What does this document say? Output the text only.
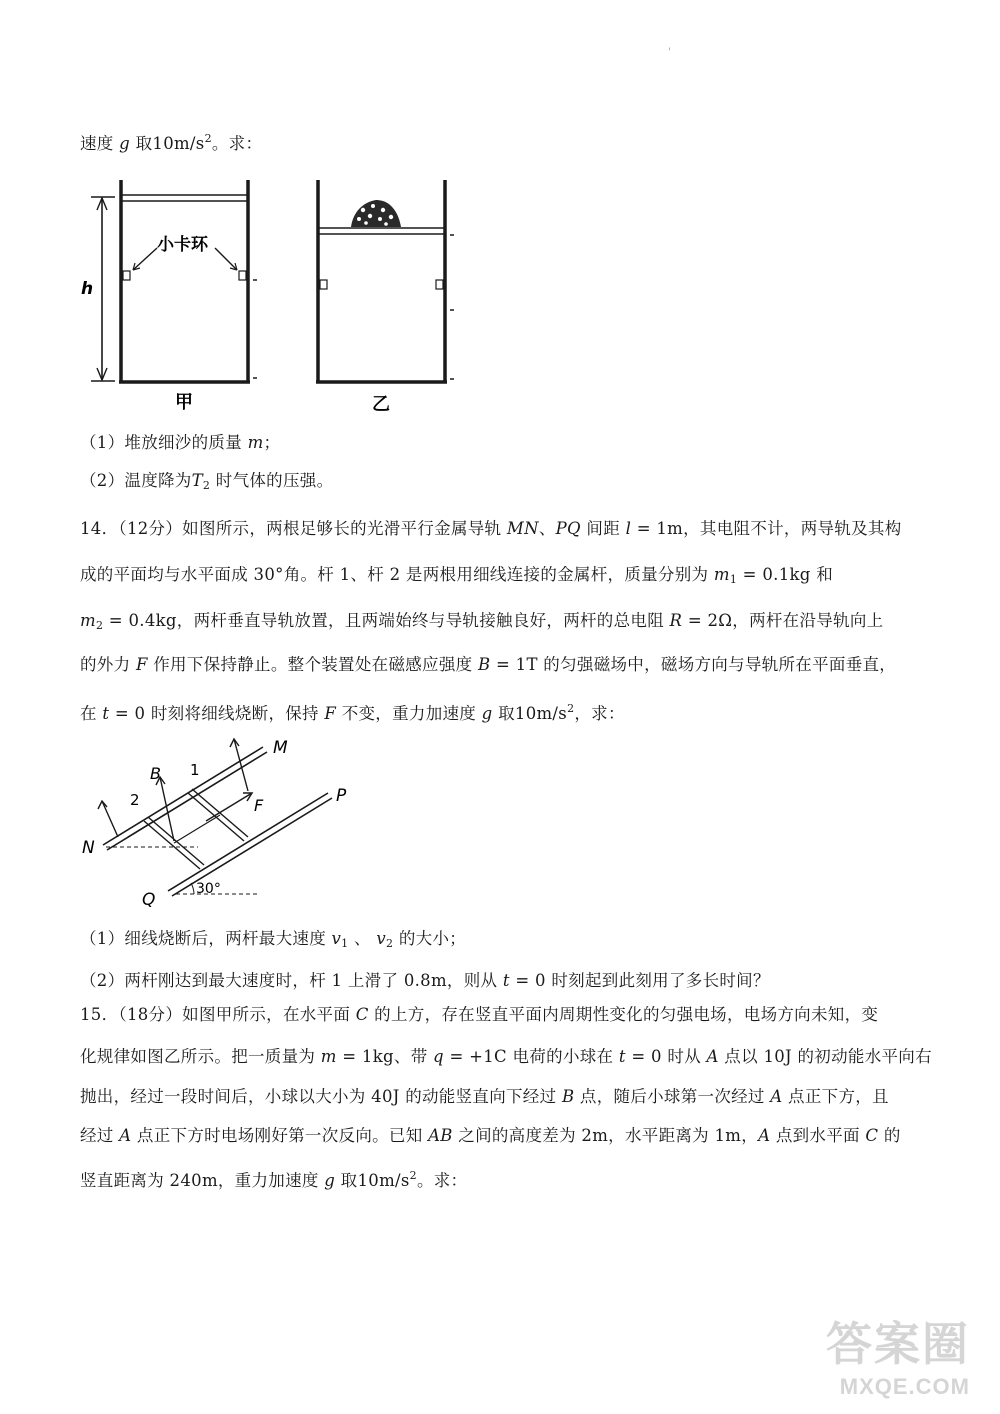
'
速度 g 取$10m/s^2$。求：
h
小卡环
甲	乙
（1）堆放细沙的质量 m；
（2）温度降为$T_2$ 时气体的压强。
14．（12分）如图所示，两根足够长的光滑平行金属导轨 MN、PQ 间距 l = 1m，其电阻不计，两导轨及其构
成的平面均与水平面成 30°角。杆 1、杆 2 是两根用细线连接的金属杆，质量分别为 $m_1 = 0.1kg$ 和
$m_2 = 0.4kg$，两杆垂直导轨放置，且两端始终与导轨接触良好，两杆的总电阻 R = 2Ω，两杆在沿导轨向上
的外力 F 作用下保持静止。整个装置处在磁感应强度 B = 1T 的匀强磁场中，磁场方向与导轨所在平面垂直，
在 t = 0 时刻将细线烧断，保持 F 不变，重力加速度 g 取$10m/s^2$，求：
M
P
N
Q
B
F
1
2
30°
（1）细线烧断后，两杆最大速度 $v_1$ 、 $v_2$ 的大小；
（2）两杆刚达到最大速度时，杆 1 上滑了 0.8m，则从 t = 0 时刻起到此刻用了多长时间？
15．（18分）如图甲所示，在水平面 C 的上方，存在竖直平面内周期性变化的匀强电场，电场方向未知，变
化规律如图乙所示。把一质量为 m = 1kg、带 q = +1C 电荷的小球在 t = 0 时从 A 点以 10J 的初动能水平向右
抛出，经过一段时间后，小球以大小为 40J 的动能竖直向下经过 B 点，随后小球第一次经过 A 点正下方，且
经过 A 点正下方时电场刚好第一次反向。已知 AB 之间的高度差为 2m，水平距离为 1m，A 点到水平面 C 的
竖直距离为 240m，重力加速度 g 取$10m/s^2$。求：
答案圈
MXQE.COM
